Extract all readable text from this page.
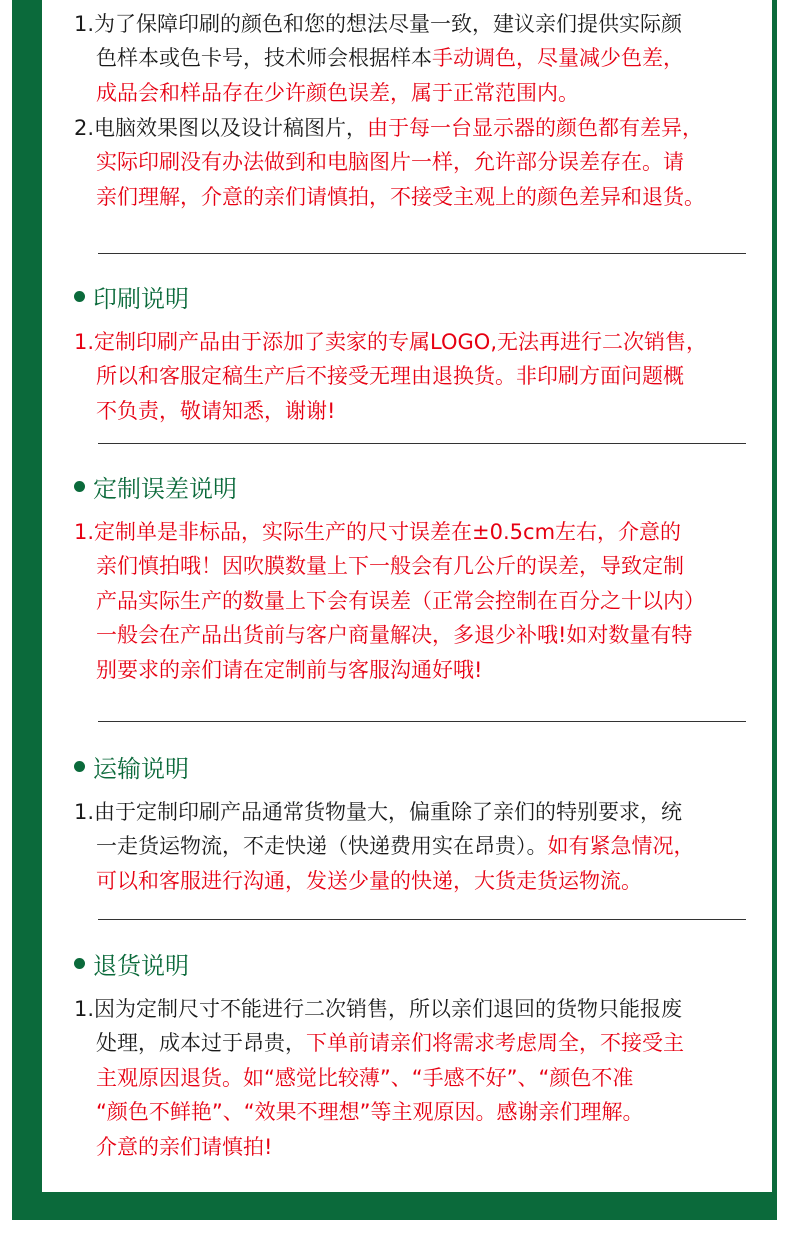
1.为了保障印刷的颜色和您的想法尽量一致，建议亲们提供实际颜
色样本或色卡号，技术师会根据样本手动调色，尽量减少色差，
成品会和样品存在少许颜色误差，属于正常范围内。
2.电脑效果图以及设计稿图片，由于每一台显示器的颜色都有差异，
实际印刷没有办法做到和电脑图片一样，允许部分误差存在。请
亲们理解，介意的亲们请慎拍，不接受主观上的颜色差异和退货。
印刷说明
1.定制印刷产品由于添加了卖家的专属LOGO,无法再进行二次销售，
所以和客服定稿生产后不接受无理由退换货。非印刷方面问题概
不负责，敬请知悉，谢谢!
定制误差说明
1.定制单是非标品，实际生产的尺寸误差在±0.5cm左右，介意的
亲们慎拍哦！因吹膜数量上下一般会有几公斤的误差，导致定制
产品实际生产的数量上下会有误差（正常会控制在百分之十以内）
一般会在产品出货前与客户商量解决，多退少补哦!如对数量有特
别要求的亲们请在定制前与客服沟通好哦!
运输说明
1.由于定制印刷产品通常货物量大，偏重除了亲们的特别要求，统
一走货运物流，不走快递（快递费用实在昂贵）。如有紧急情况，
可以和客服进行沟通，发送少量的快递，大货走货运物流。
退货说明
1.因为定制尺寸不能进行二次销售，所以亲们退回的货物只能报废
处理，成本过于昂贵，下单前请亲们将需求考虑周全，不接受主
主观原因退货。如“感觉比较薄”、“手感不好”、“颜色不准
“颜色不鲜艳”、“效果不理想”等主观原因。感谢亲们理解。
介意的亲们请慎拍!
